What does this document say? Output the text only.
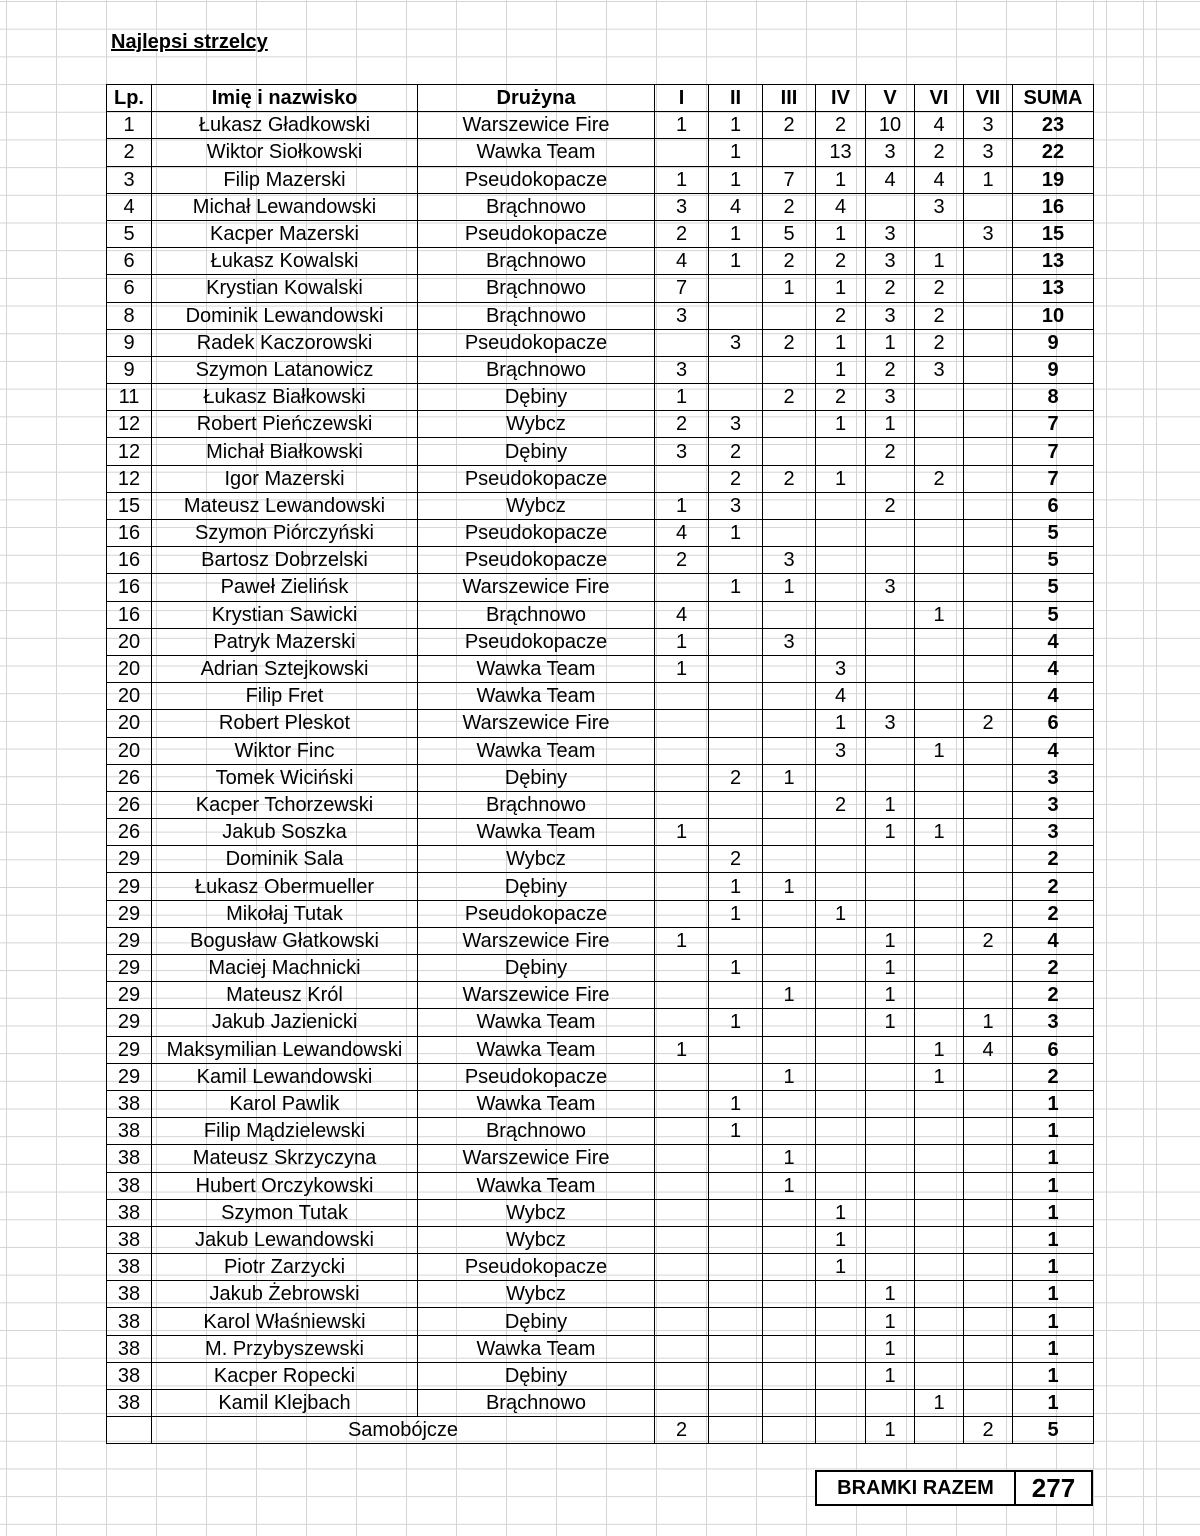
Najlepsi strzelcy
Lp.	Imię i nazwisko	Drużyna	I	II	III	IV	V	VI	VII	SUMA
1	Łukasz Gładkowski	Warszewice Fire	1	1	2	2	10	4	3	23
2	Wiktor Siołkowski	Wawka Team		1		13	3	2	3	22
3	Filip Mazerski	Pseudokopacze	1	1	7	1	4	4	1	19
4	Michał Lewandowski	Brąchnowo	3	4	2	4		3		16
5	Kacper Mazerski	Pseudokopacze	2	1	5	1	3		3	15
6	Łukasz Kowalski	Brąchnowo	4	1	2	2	3	1		13
6	Krystian Kowalski	Brąchnowo	7		1	1	2	2		13
8	Dominik Lewandowski	Brąchnowo	3			2	3	2		10
9	Radek Kaczorowski	Pseudokopacze		3	2	1	1	2		9
9	Szymon Latanowicz	Brąchnowo	3			1	2	3		9
11	Łukasz Białkowski	Dębiny	1		2	2	3			8
12	Robert Pieńczewski	Wybcz	2	3		1	1			7
12	Michał Białkowski	Dębiny	3	2			2			7
12	Igor Mazerski	Pseudokopacze		2	2	1		2		7
15	Mateusz Lewandowski	Wybcz	1	3			2			6
16	Szymon Piórczyński	Pseudokopacze	4	1						5
16	Bartosz Dobrzelski	Pseudokopacze	2		3					5
16	Paweł Zielińsk	Warszewice Fire		1	1		3			5
16	Krystian Sawicki	Brąchnowo	4					1		5
20	Patryk Mazerski	Pseudokopacze	1		3					4
20	Adrian Sztejkowski	Wawka Team	1			3				4
20	Filip Fret	Wawka Team				4				4
20	Robert Pleskot	Warszewice Fire				1	3		2	6
20	Wiktor Finc	Wawka Team				3		1		4
26	Tomek Wiciński	Dębiny		2	1					3
26	Kacper Tchorzewski	Brąchnowo				2	1			3
26	Jakub Soszka	Wawka Team	1				1	1		3
29	Dominik Sala	Wybcz		2						2
29	Łukasz Obermueller	Dębiny		1	1					2
29	Mikołaj Tutak	Pseudokopacze		1		1				2
29	Bogusław Głatkowski	Warszewice Fire	1				1		2	4
29	Maciej Machnicki	Dębiny		1			1			2
29	Mateusz Król	Warszewice Fire			1		1			2
29	Jakub Jazienicki	Wawka Team		1			1		1	3
29	Maksymilian Lewandowski	Wawka Team	1					1	4	6
29	Kamil Lewandowski	Pseudokopacze			1			1		2
38	Karol Pawlik	Wawka Team		1						1
38	Filip Mądzielewski	Brąchnowo		1						1
38	Mateusz Skrzyczyna	Warszewice Fire			1					1
38	Hubert Orczykowski	Wawka Team			1					1
38	Szymon Tutak	Wybcz				1				1
38	Jakub Lewandowski	Wybcz				1				1
38	Piotr Zarzycki	Pseudokopacze				1				1
38	Jakub Żebrowski	Wybcz					1			1
38	Karol Właśniewski	Dębiny					1			1
38	M. Przybyszewski	Wawka Team					1			1
38	Kacper Ropecki	Dębiny					1			1
38	Kamil Klejbach	Brąchnowo						1		1
	Samobójcze		2				1		2	5
BRAMKI RAZEM	277
